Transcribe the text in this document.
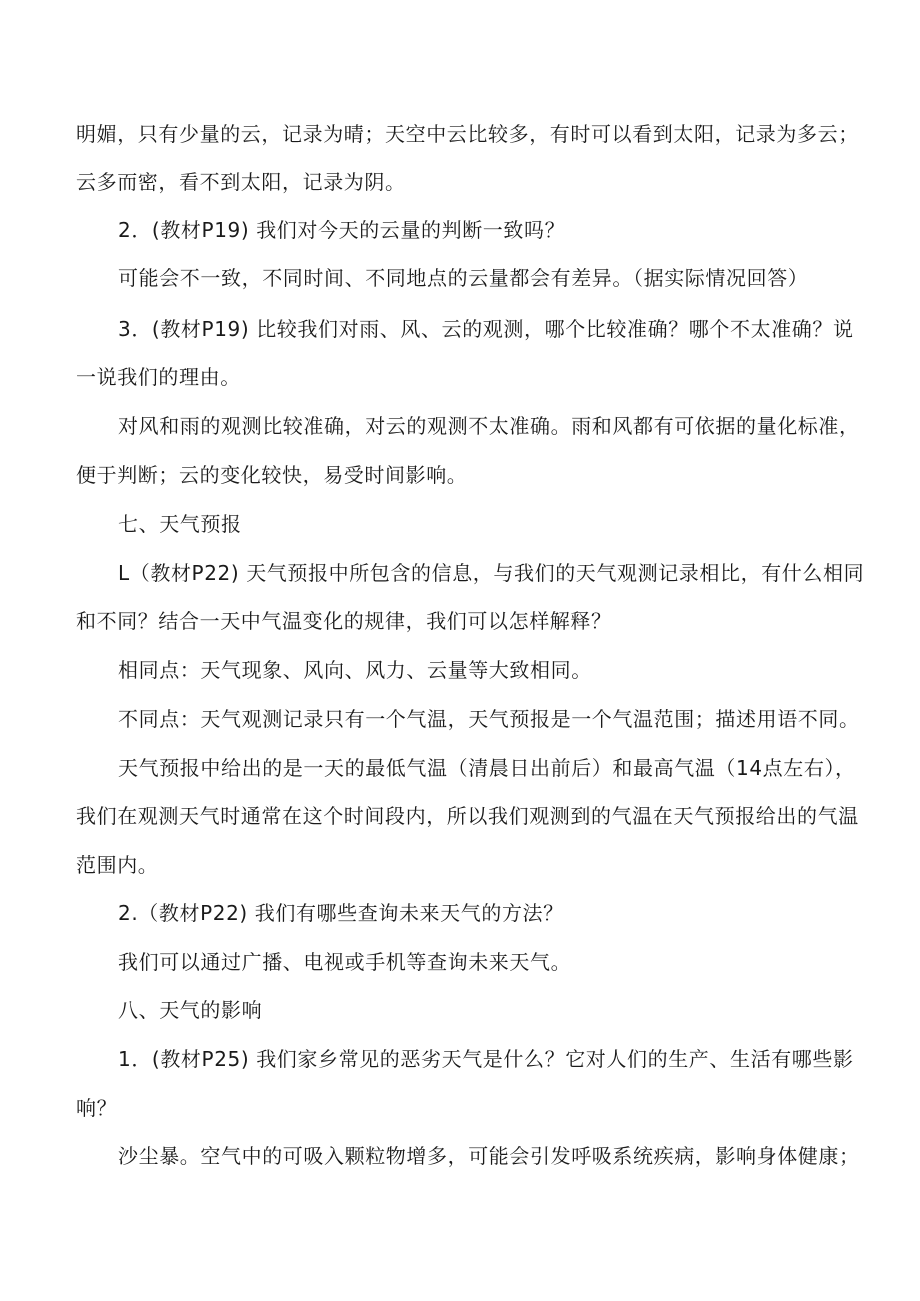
明媚，只有少量的云，记录为晴；天空中云比较多，有时可以看到太阳，记录为多云；
云多而密，看不到太阳，记录为阴。
2．(教材P19) 我们对今天的云量的判断一致吗？
可能会不一致，不同时间、不同地点的云量都会有差异。（据实际情况回答）
3．(教材P19) 比较我们对雨、风、云的观测，哪个比较准确？哪个不太准确？说
一说我们的理由。
对风和雨的观测比较准确，对云的观测不太准确。雨和风都有可依据的量化标准，
便于判断；云的变化较快，易受时间影响。
七、天气预报
L（教材P22) 天气预报中所包含的信息，与我们的天气观测记录相比，有什么相同
和不同？结合一天中气温变化的规律，我们可以怎样解释？
相同点：天气现象、风向、风力、云量等大致相同。
不同点：天气观测记录只有一个气温，天气预报是一个气温范围；描述用语不同。
天气预报中给出的是一天的最低气温（清晨日出前后）和最高气温（14点左右），
我们在观测天气时通常在这个时间段内，所以我们观测到的气温在天气预报给出的气温
范围内。
2.（教材P22) 我们有哪些查询未来天气的方法？
我们可以通过广播、电视或手机等查询未来天气。
八、天气的影响
1．(教材P25) 我们家乡常见的恶劣天气是什么？它对人们的生产、生活有哪些影
响？
沙尘暴。空气中的可吸入颗粒物增多，可能会引发呼吸系统疾病，影响身体健康；
